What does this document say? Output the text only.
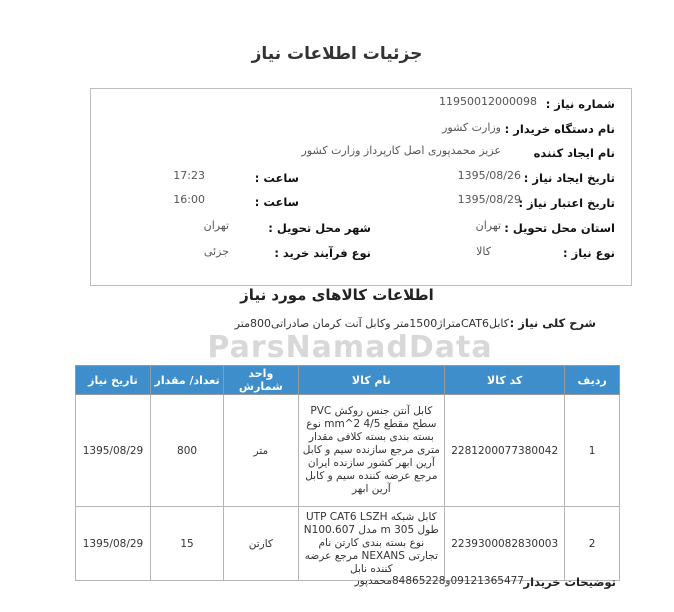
جزئیات اطلاعات نیاز
شماره نیاز :
11950012000098
نام دستگاه خریدار :
وزارت کشور
نام ایجاد کننده
عزیز محمدپوری اصل کارپرداز وزارت کشور
تاریخ ایجاد نیاز :
1395/08/26
ساعت :
17:23
تاریخ اعتبار نیاز :
1395/08/29
ساعت :
16:00
استان محل تحویل :
تهران
شهر محل تحویل :
تهران
نوع نیاز :
کالا
نوع فرآیند خرید :
جزئی
اطلاعات کالاهای مورد نیاز
ParsNamadData
شرح کلی نیاز :
کابلCAT6متراژ1500متر وکابل آنت کرمان صادراتی800متر
ردیف	کد کالا	نام کالا	واحد شمارش	تعداد/ مقدار	تاریخ نیاز
1	2281200077380042	کابل آنتن جنس روکش PVC سطح مقطع mm^2 4/5 نوع بسته بندی بسته کلافی مقدار متری مرجع سازنده سیم و کابل آرین ابهر کشور سازنده ایران مرجع عرضه کننده سیم و کابل آرین ابهر	متر	800	1395/08/29
2	2239300082830003	کابل شبکه UTP CAT6 LSZH طول m 305 مدل N100.607 نوع بسته بندی کارتن نام تجارتی NEXANS مرجع عرضه کننده نابل	کارتن	15	1395/08/29
توضیحات خریدار
09121365477و84865228محمدپور
